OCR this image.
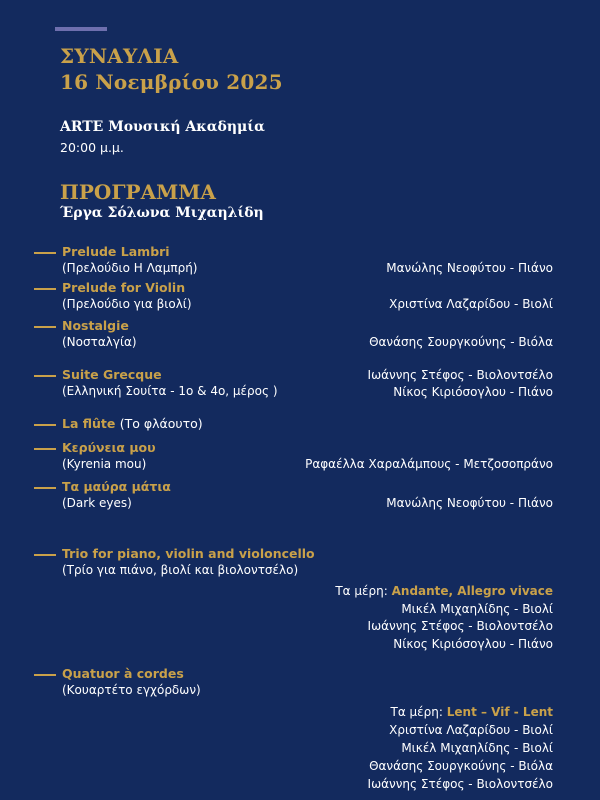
ΣΥΝΑΥΛΙΑ
16 Νοεμβρίου 2025
ARTE Μουσική Ακαδημία
20:00 μ.μ.
ΠΡΟΓΡΑΜΜΑ
Έργα Σόλωνα Μιχαηλίδη
Prelude Lambri
(Πρελούδιο Η Λαμπρή)	Μανώλης Νεοφύτου - Πιάνο
Prelude for Violin
(Πρελούδιο για βιολί)	Χριστίνα Λαζαρίδου - Βιολί
Nostalgie
(Νοσταλγία)	Θανάσης Σουργκούνης - Βιόλα
Suite Grecque
(Ελληνική Σουίτα - 1ο & 4ο, μέρος )
Ιωάννης Στέφος - Βιολοντσέλο
Νίκος Κιριόσογλου - Πιάνο
La flûte (Το φλάουτο)
Κερύνεια μου
(Kyrenia mou)	Ραφαέλλα Χαραλάμπους - Μετζοσοπράνο
Τα μαύρα μάτια
(Dark eyes)	Μανώλης Νεοφύτου - Πιάνο
Trio for piano, violin and violoncello
(Τρίο για πιάνο, βιολί και βιολοντσέλο)
Τα μέρη: Andante, Allegro vivace
Μικέλ Μιχαηλίδης - Βιολί
Ιωάννης Στέφος - Βιολοντσέλο
Νίκος Κιριόσογλου - Πιάνο
Quatuor à cordes
(Κουαρτέτο εγχόρδων)
Τα μέρη: Lent – Vif - Lent
Χριστίνα Λαζαρίδου - Βιολί
Μικέλ Μιχαηλίδης - Βιολί
Θανάσης Σουργκούνης - Βιόλα
Ιωάννης Στέφος - Βιολοντσέλο
